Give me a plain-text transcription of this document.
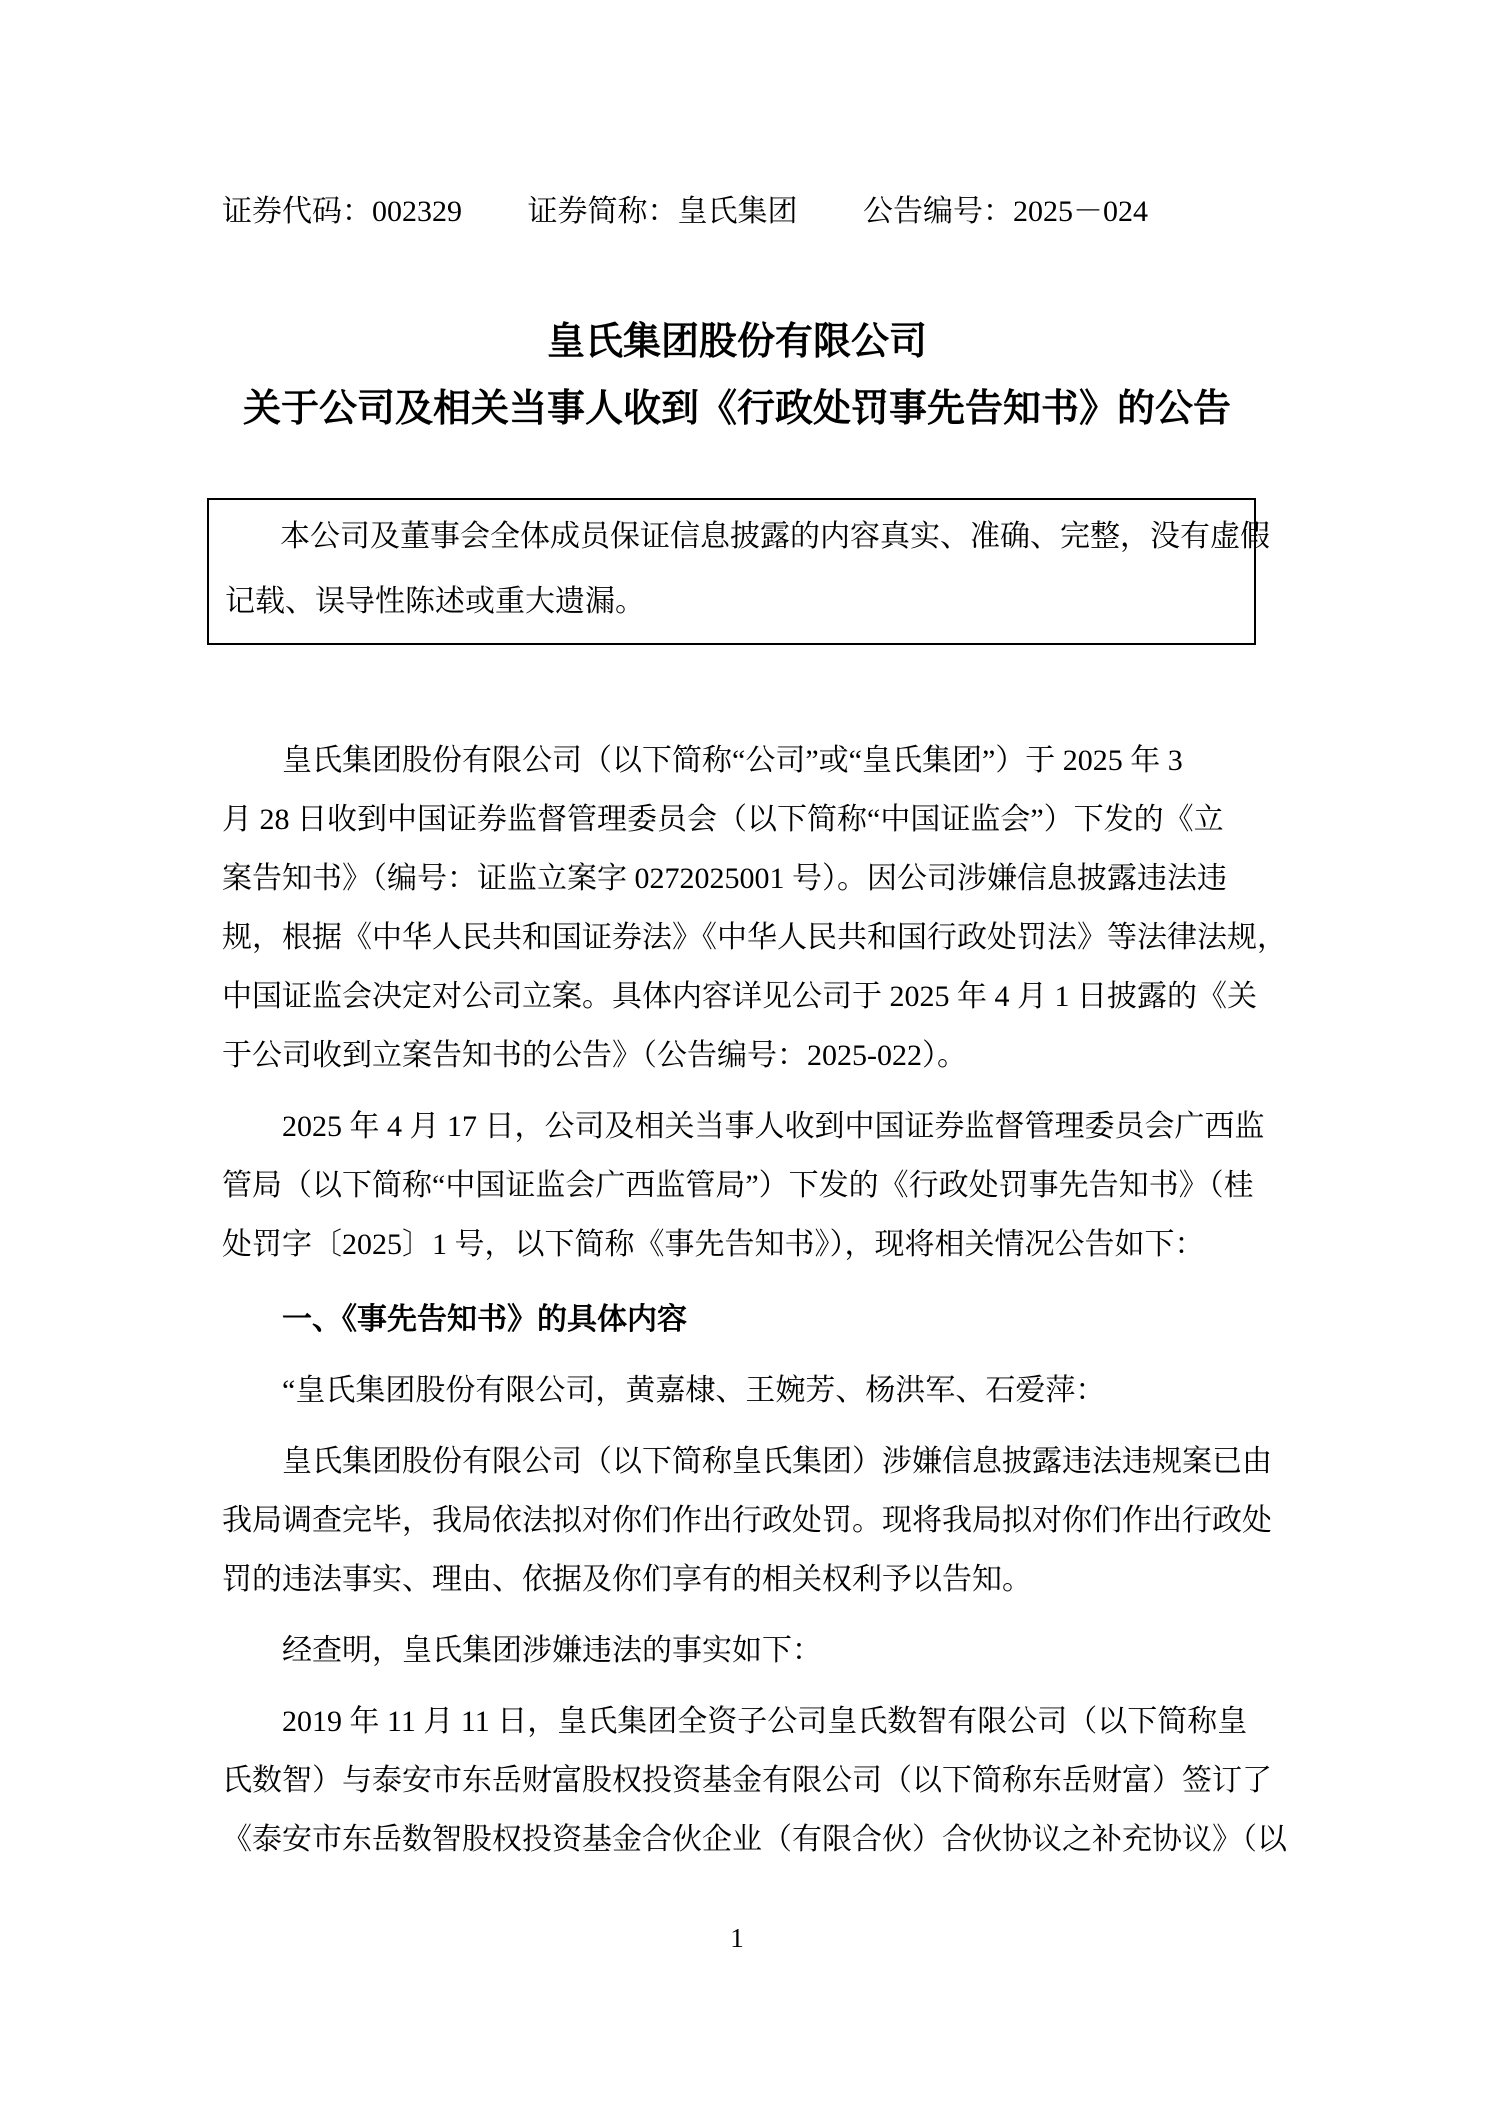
证券代码：002329 证券简称：皇氏集团 公告编号：2025－024
皇氏集团股份有限公司
关于公司及相关当事人收到《行政处罚事先告知书》的公告
本公司及董事会全体成员保证信息披露的内容真实、准确、完整，没有虚假
记载、误导性陈述或重大遗漏。
皇氏集团股份有限公司（以下简称“公司”或“皇氏集团”）于 2025 年 3
月 28 日收到中国证券监督管理委员会（以下简称“中国证监会”）下发的《立
案告知书》（编号：证监立案字 0272025001 号）。因公司涉嫌信息披露违法违
规，根据《中华人民共和国证券法》《中华人民共和国行政处罚法》等法律法规，
中国证监会决定对公司立案。具体内容详见公司于 2025 年 4 月 1 日披露的《关
于公司收到立案告知书的公告》（公告编号：2025-022）。
2025 年 4 月 17 日，公司及相关当事人收到中国证券监督管理委员会广西监
管局（以下简称“中国证监会广西监管局”）下发的《行政处罚事先告知书》（桂
处罚字〔2025〕1 号，以下简称《事先告知书》），现将相关情况公告如下：
一、《事先告知书》的具体内容
“皇氏集团股份有限公司，黄嘉棣、王婉芳、杨洪军、石爱萍：
皇氏集团股份有限公司（以下简称皇氏集团）涉嫌信息披露违法违规案已由
我局调查完毕，我局依法拟对你们作出行政处罚。现将我局拟对你们作出行政处
罚的违法事实、理由、依据及你们享有的相关权利予以告知。
经查明，皇氏集团涉嫌违法的事实如下：
2019 年 11 月 11 日，皇氏集团全资子公司皇氏数智有限公司（以下简称皇
氏数智）与泰安市东岳财富股权投资基金有限公司（以下简称东岳财富）签订了
《泰安市东岳数智股权投资基金合伙企业（有限合伙）合伙协议之补充协议》（以
1
